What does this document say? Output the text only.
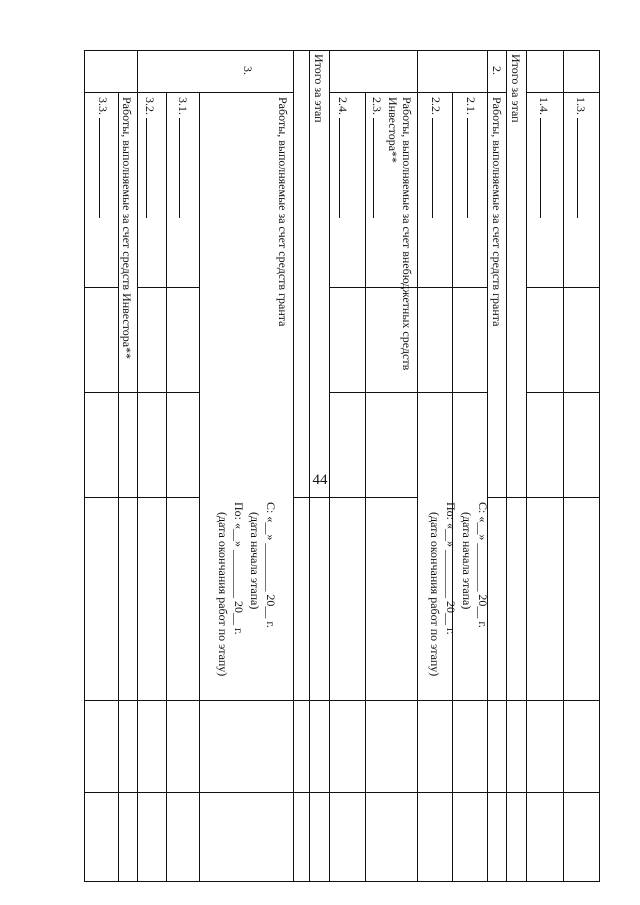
44
1.3.
1.4.
Итого за этап
2.
Работы, выполняемые за счет средств гранта
2.1.
2.2.
Работы, выполняемые за счет внебюджетных средств Инвестора**
2.3.
2.4.
Итого за этап
3.
Работы, выполняемые за счет средств гранта
3.1.
3.2.
Работы, выполняемые за счет средств Инвестора**
3.3.
С: «__» ________ 20__ г.
(дата начала этапа)
По: «__» ________ 20__ г.
(дата окончания работ по этапу)
С: «__» ________ 20__ г.
(дата начала этапа)
По: «__» ________ 20__ г.
(дата окончания работ по этапу)
